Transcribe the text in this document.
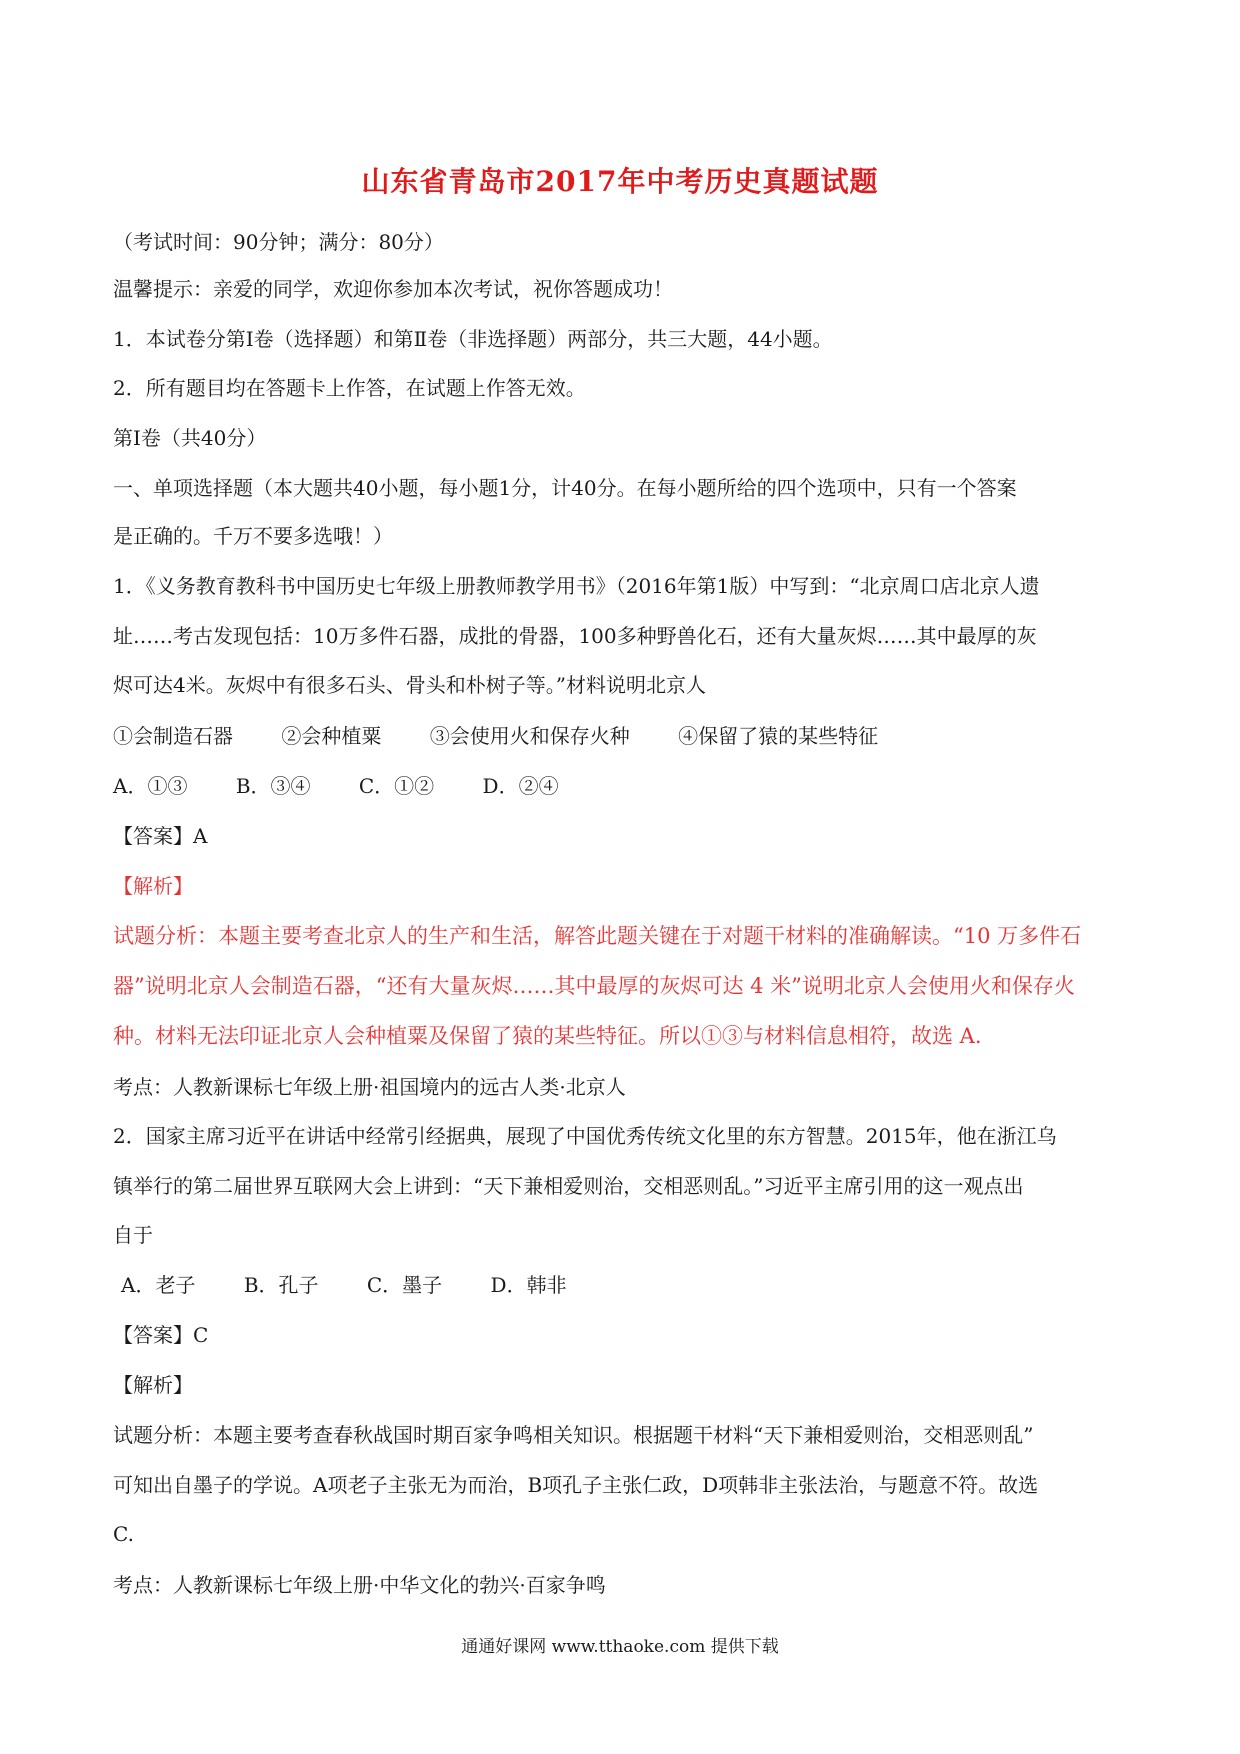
山东省青岛市2017年中考历史真题试题
（考试时间：90分钟；满分：80分）
温馨提示：亲爱的同学，欢迎你参加本次考试，祝你答题成功！
1．本试卷分第Ⅰ卷（选择题）和第Ⅱ卷（非选择题）两部分，共三大题，44小题。
2．所有题目均在答题卡上作答，在试题上作答无效。
第Ⅰ卷（共40分）
一、单项选择题（本大题共40小题，每小题1分，计40分。在每小题所给的四个选项中，只有一个答案
是正确的。千万不要多选哦！）
1．《义务教育教科书中国历史七年级上册教师教学用书》（2016年第1版）中写到：“北京周口店北京人遗
址……考古发现包括：10万多件石器，成批的骨器，100多种野兽化石，还有大量灰烬……其中最厚的灰
烬可达4米。灰烬中有很多石头、骨头和朴树子等。”材料说明北京人
①会制造石器 ②会种植粟 ③会使用火和保存火种 ④保留了猿的某些特征
A．①③ B．③④ C．①② D．②④
【答案】A
【解析】
试题分析：本题主要考查北京人的生产和生活，解答此题关键在于对题干材料的准确解读。“10 万多件石
器”说明北京人会制造石器，“还有大量灰烬……其中最厚的灰烬可达 4 米”说明北京人会使用火和保存火
种。材料无法印证北京人会种植粟及保留了猿的某些特征。所以①③与材料信息相符，故选 A.
考点：人教新课标七年级上册·祖国境内的远古人类·北京人
2．国家主席习近平在讲话中经常引经据典，展现了中国优秀传统文化里的东方智慧。2015年，他在浙江乌
镇举行的第二届世界互联网大会上讲到：“天下兼相爱则治，交相恶则乱。”习近平主席引用的这一观点出
自于
A．老子 B．孔子 C．墨子 D．韩非
【答案】C
【解析】
试题分析：本题主要考查春秋战国时期百家争鸣相关知识。根据题干材料“天下兼相爱则治，交相恶则乱”
可知出自墨子的学说。A项老子主张无为而治，B项孔子主张仁政，D项韩非主张法治，与题意不符。故选
C.
考点：人教新课标七年级上册·中华文化的勃兴·百家争鸣
通通好课网 www.tthaoke.com 提供下载
